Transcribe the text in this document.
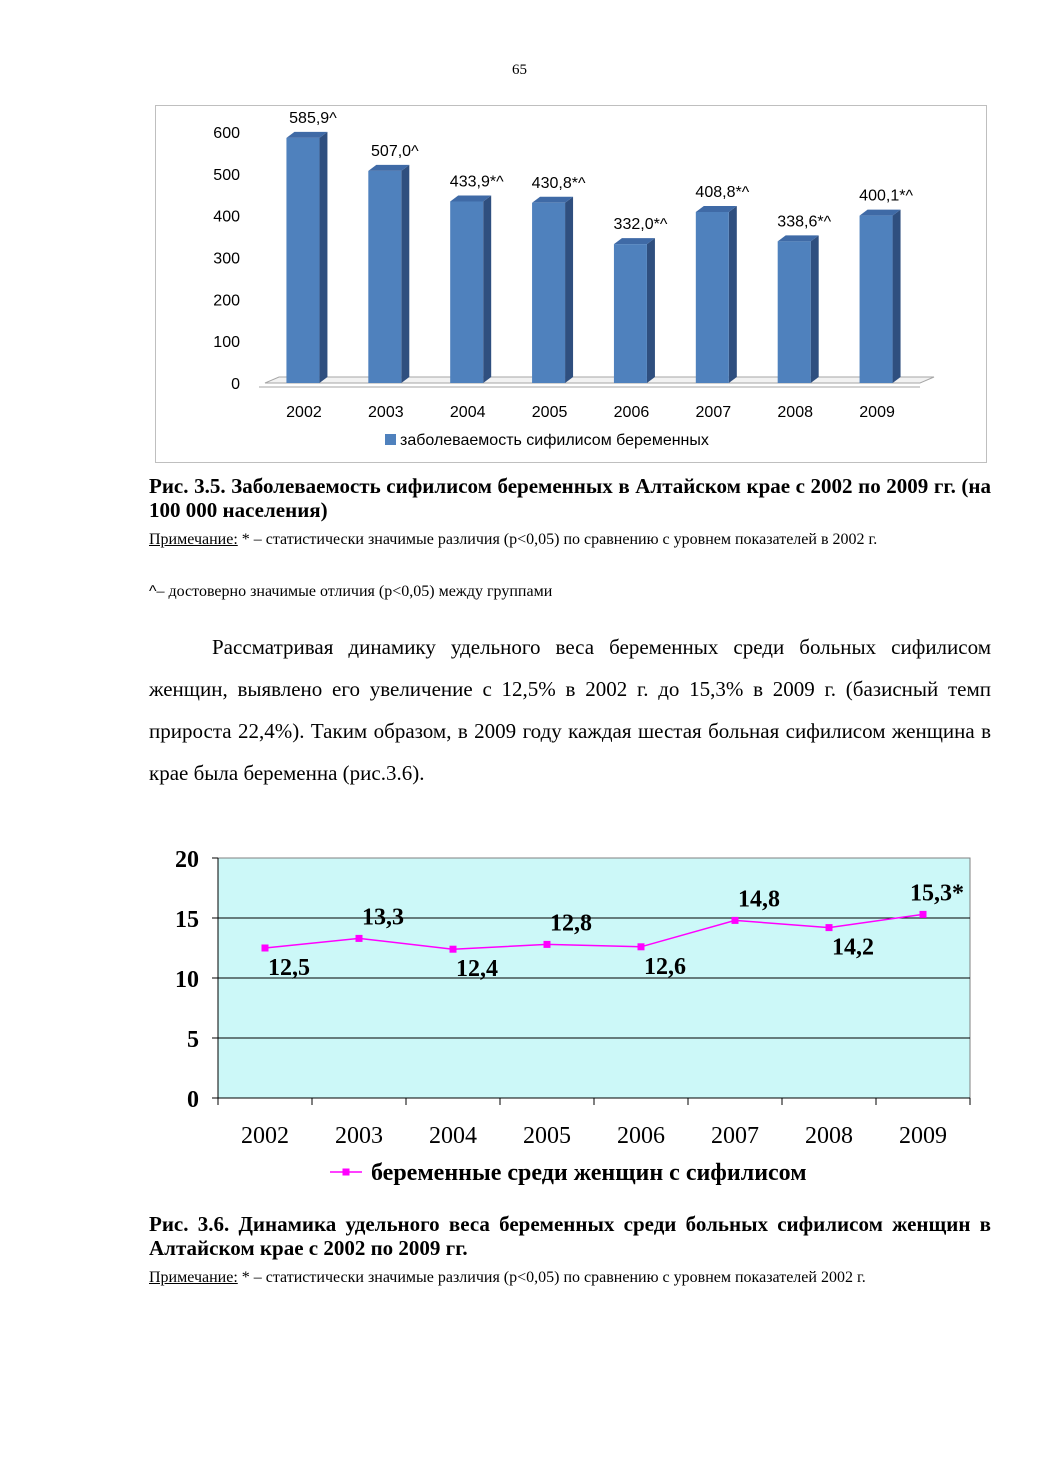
65
0
100
200
300
400
500
600
585,9^
2002
507,0^
2003
433,9*^
2004
430,8*^
2005
332,0*^
2006
408,8*^
2007
338,6*^
2008
400,1*^
2009
заболеваемость сифилисом беременных
Рис. 3.5. Заболеваемость сифилисом беременных в Алтайском крае с 2002 по 2009 гг. (на 100 000 населения)
Примечание: * – статистически значимые различия (р<0,05) по сравнению с уровнем показателей в 2002 г.
^– достоверно значимые отличия (р<0,05) между группами
Рассматривая динамику удельного веса беременных среди больных сифилисом женщин, выявлено его увеличение с 12,5% в 2002 г. до 15,3% в 2009 г. (базисный темп прироста 22,4%). Таким образом, в 2009 году каждая шестая больная сифилисом женщина в крае была беременна (рис.3.6).
0
5
10
15
20
12,5
2002
13,3
2003
12,4
2004
12,8
2005
12,6
2006
14,8
2007
14,2
2008
15,3*
2009
беременные среди женщин с сифилисом
Рис. 3.6. Динамика удельного веса беременных среди больных сифилисом женщин в Алтайском крае с 2002 по 2009 гг.
Примечание: * – статистически значимые различия (р<0,05) по сравнению с уровнем показателей 2002 г.
